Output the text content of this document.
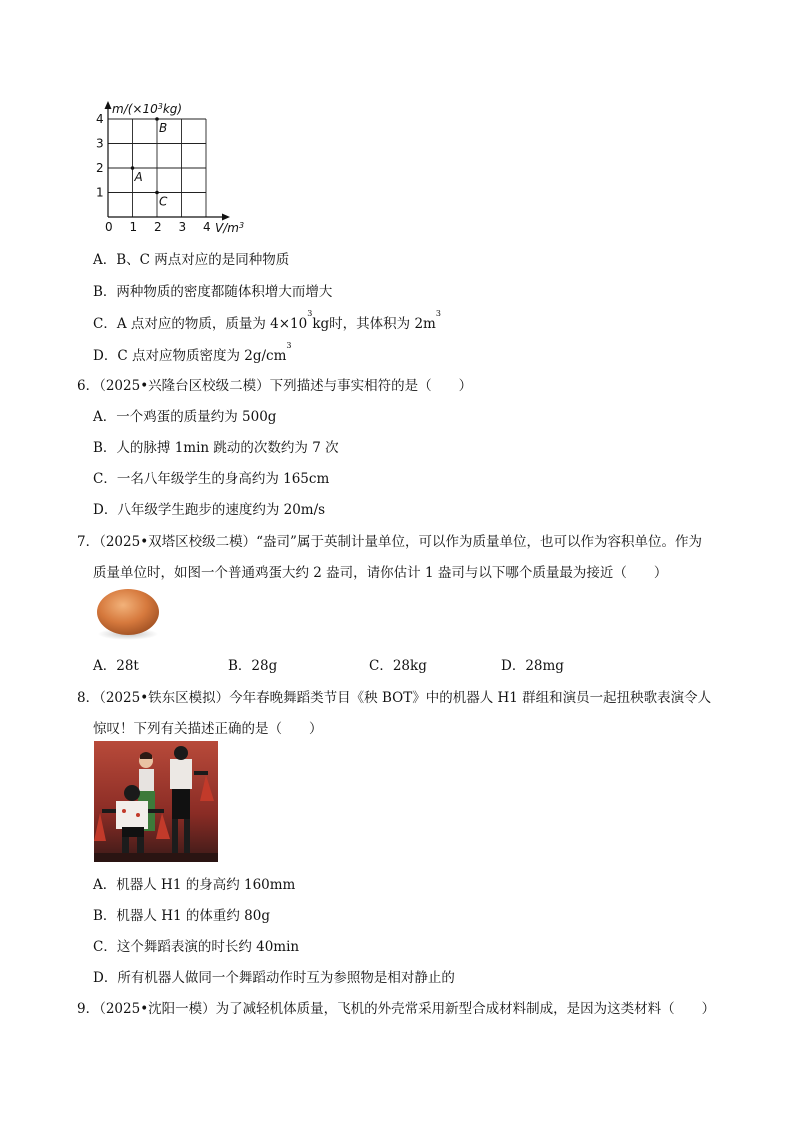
0 1 2 3 4
1
2
3
4
A
B
C
$m/(\times 10^3kg)$
$V/m^3$
A．B、C 两点对应的是同种物质
B．两种物质的密度都随体积增大而增大
C．A 点对应的物质，质量为 $4\times 10^3kg$时，其体积为 $2m^3$
D．C 点对应物质密度为 $2g/cm^3$
6．（2025•兴隆台区校级二模）下列描述与事实相符的是（　　）
A．一个鸡蛋的质量约为 500g
B．人的脉搏 1min 跳动的次数约为 7 次
C．一名八年级学生的身高约为 165cm
D．八年级学生跑步的速度约为 20m/s
7．（2025•双塔区校级二模）“盎司”属于英制计量单位，可以作为质量单位，也可以作为容积单位。作为
质量单位时，如图一个普通鸡蛋大约 2 盎司，请你估计 1 盎司与以下哪个质量最为接近（　　）
A．28t	B．28g	C．28kg	D．28mg
8．（2025•铁东区模拟）今年春晚舞蹈类节目《秧 BOT》中的机器人 H1 群组和演员一起扭秧歌表演令人
惊叹！下列有关描述正确的是（　　）
A．机器人 H1 的身高约 160mm
B．机器人 H1 的体重约 80g
C．这个舞蹈表演的时长约 40min
D．所有机器人做同一个舞蹈动作时互为参照物是相对静止的
9．（2025•沈阳一模）为了减轻机体质量，飞机的外壳常采用新型合成材料制成，是因为这类材料（　　）
